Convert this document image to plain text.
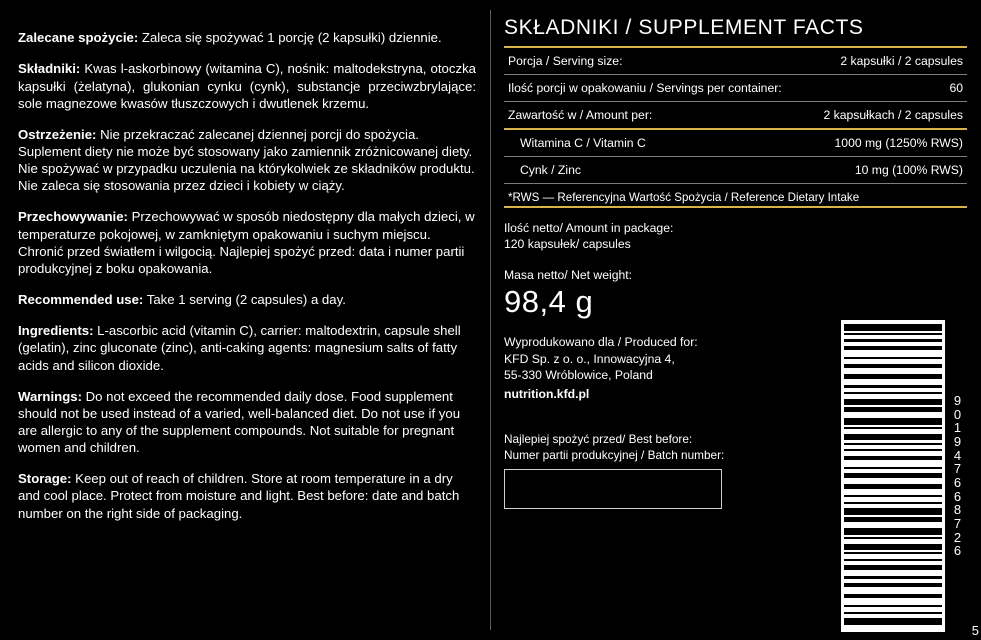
Zalecane spożycie: Zaleca się spożywać 1 porcję (2 kapsułki) dziennie.

Składniki: Kwas l-askorbinowy (witamina C), nośnik: maltodekstryna, otoczka kapsułki (żelatyna), glukonian cynku (cynk), substancje przeciwzbrylające: sole magnezowe kwasów tłuszczowych i dwutlenek krzemu.

Ostrzeżenie: Nie przekraczać zalecanej dziennej porcji do spożycia. Suplement diety nie może być stosowany jako zamiennik zróżnicowanej diety. Nie spożywać w przypadku uczulenia na którykolwiek ze składników produktu. Nie zaleca się stosowania przez dzieci i kobiety w ciąży.

Przechowywanie: Przechowywać w sposób niedostępny dla małych dzieci, w temperaturze pokojowej, w zamkniętym opakowaniu i suchym miejscu. Chronić przed światłem i wilgocią. Najlepiej spożyć przed: data i numer partii produkcyjnej z boku opakowania.

Recommended use: Take 1 serving (2 capsules) a day.

Ingredients: L-ascorbic acid (vitamin C), carrier: maltodextrin, capsule shell (gelatin), zinc gluconate (zinc), anti-caking agents: magnesium salts of fatty acids and silicon dioxide.

Warnings: Do not exceed the recommended daily dose. Food supplement should not be used instead of a varied, well-balanced diet. Do not use if you are allergic to any of the supplement compounds. Not suitable for pregnant women and children.

Storage: Keep out of reach of children. Store at room temperature in a dry and cool place. Protect from moisture and light. Best before: date and batch number on the right side of packaging.

SKŁADNIKI / SUPPLEMENT FACTS
Porcja / Serving size:	2 kapsułki / 2 capsules
Ilość porcji w opakowaniu / Servings per container:	60
Zawartość w / Amount per:	2 kapsułkach / 2 capsules
Witamina C / Vitamin C	1000 mg (1250% RWS)
Cynk / Zinc	10 mg (100% RWS)
*RWS — Referencyjna Wartość Spożycia / Reference Dietary Intake
Ilość netto/ Amount in package:
120 kapsułek/ capsules
Masa netto/ Net weight:
98,4 g
Wyprodukowano dla / Produced for:
KFD Sp. z o. o., Innowacyjna 4,
55-330 Wróblowice, Poland
nutrition.kfd.pl
Najlepiej spożyć przed/ Best before:
Numer partii produkcyjnej / Batch number:
9
0
1
9
4
7
6
6
8
7
2
6
5
